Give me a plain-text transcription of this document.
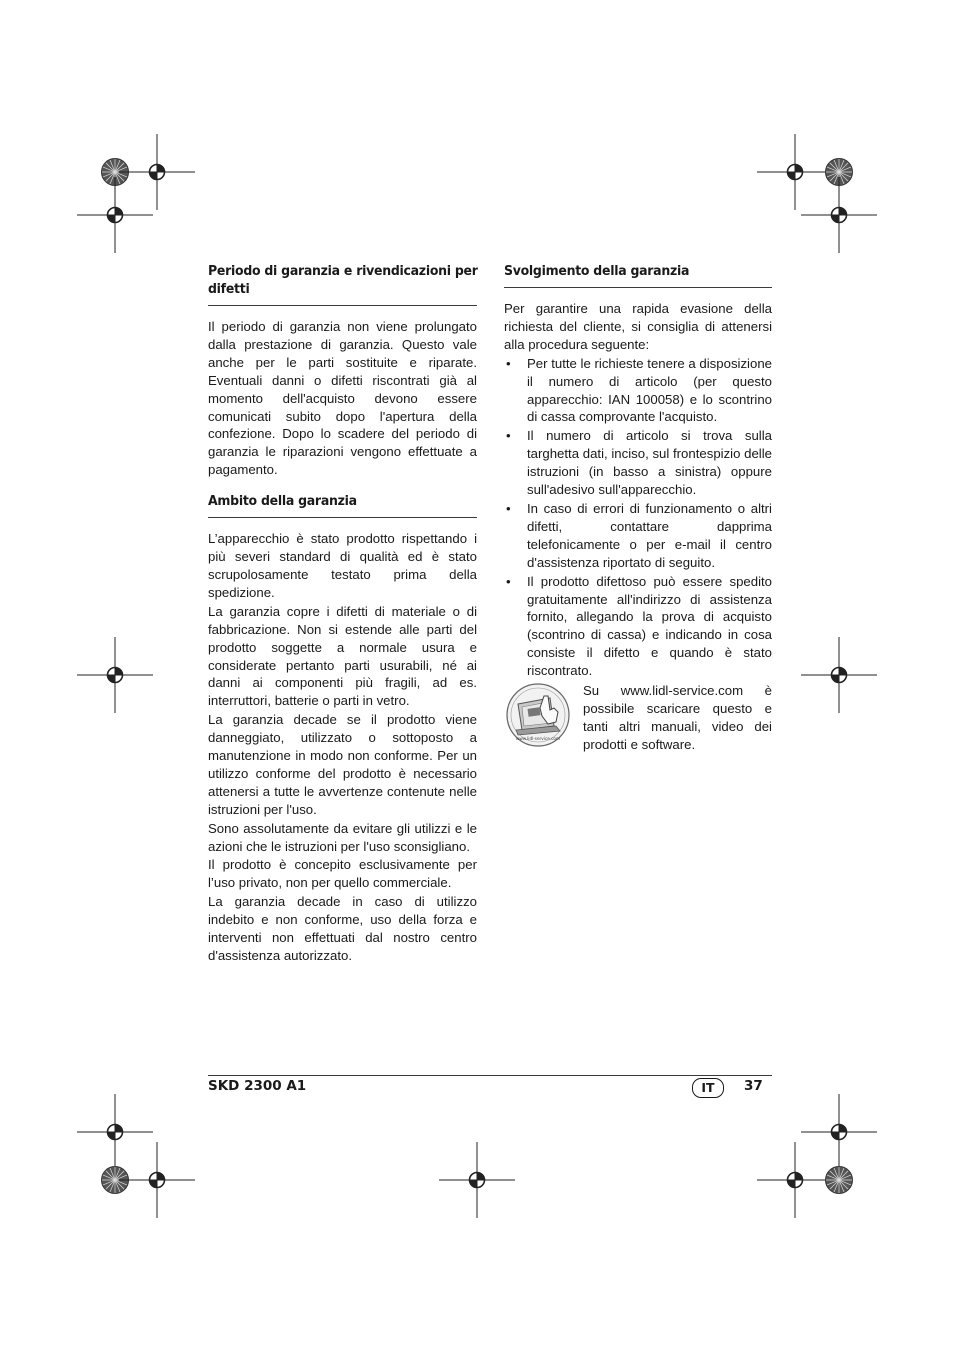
Periodo di garanzia e rivendicazioni per difetti

Il periodo di garanzia non viene prolungato dalla prestazione di garanzia. Questo vale anche per le parti sostituite e riparate. Eventuali danni o difetti riscontrati già al momento dell'acquisto devono essere comunicati subito dopo l'apertura della confezione. Dopo lo scadere del periodo di garanzia le riparazioni vengono effettuate a pagamento.

Ambito della garanzia

L’apparecchio è stato prodotto rispettando i più severi standard di qualità ed è stato scrupolosamente testato prima della spedizione.

La garanzia copre i difetti di materiale o di fabbricazione. Non si estende alle parti del prodotto soggette a normale usura e considerate pertanto parti usurabili, né ai danni ai componenti più fragili, ad es. interruttori, batterie o parti in vetro.

La garanzia decade se il prodotto viene danneggiato, utilizzato o sottoposto a manutenzione in modo non conforme. Per un utilizzo conforme del prodotto è necessario attenersi a tutte le avvertenze contenute nelle istruzioni per l'uso.

Sono assolutamente da evitare gli utilizzi e le azioni che le istruzioni per l'uso sconsigliano.

Il prodotto è concepito esclusivamente per l’uso privato, non per quello commerciale.

La garanzia decade in caso di utilizzo indebito e non conforme, uso della forza e interventi non effettuati dal nostro centro d'assistenza autorizzato.

Svolgimento della garanzia

Per garantire una rapida evasione della richiesta del cliente, si consiglia di attenersi alla procedura seguente:

• Per tutte le richieste tenere a disposizione il numero di articolo (per questo apparecchio: IAN 100058) e lo scontrino di cassa comprovante l'acquisto.
• Il numero di articolo si trova sulla targhetta dati, inciso, sul frontespizio delle istruzioni (in basso a sinistra) oppure sull'adesivo sull'apparecchio.
• In caso di errori di funzionamento o altri difetti, contattare dapprima telefonicamente o per e-mail il centro d'assistenza riportato di seguito.
• Il prodotto difettoso può essere spedito gratuitamente all'indirizzo di assistenza fornito, allegando la prova di acquisto (scontrino di cassa) e indicando in cosa consiste il difetto e quando è stato riscontrato.
www.lidl-service.com
Su www.lidl-service.com è possibile scaricare questo e tanti altri manuali, video dei prodotti e software.
SKD 2300 A1	IT	37
